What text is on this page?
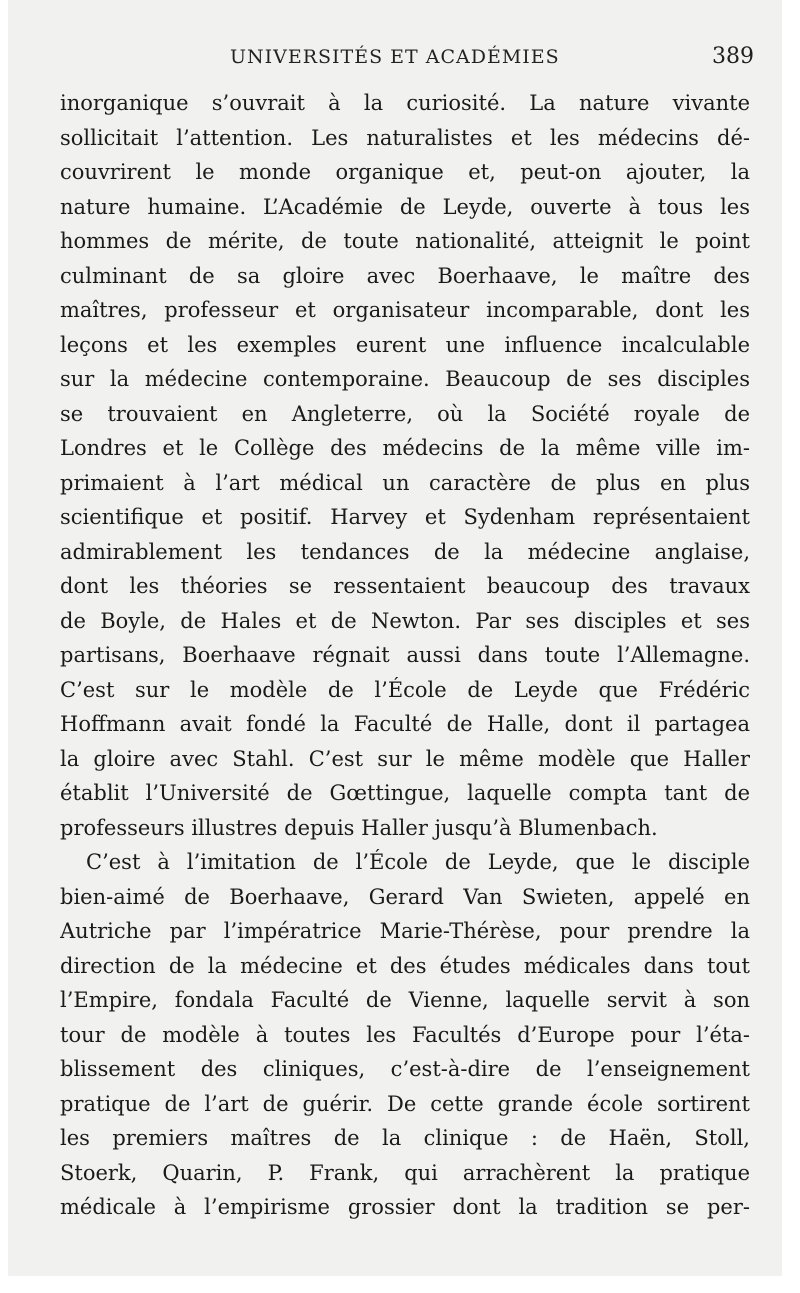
UNIVERSITÉS ET ACADÉMIES	389
inorganique s’ouvrait à la curiosité. La nature vivante
sollicitait l’attention. Les naturalistes et les médecins dé-
couvrirent le monde organique et, peut-on ajouter, la
nature humaine. L’Académie de Leyde, ouverte à tous les
hommes de mérite, de toute nationalité, atteignit le point
culminant de sa gloire avec Boerhaave, le maître des
maîtres, professeur et organisateur incomparable, dont les
leçons et les exemples eurent une influence incalculable
sur la médecine contemporaine. Beaucoup de ses disciples
se trouvaient en Angleterre, où la Société royale de
Londres et le Collège des médecins de la même ville im-
primaient à l’art médical un caractère de plus en plus
scientifique et positif. Harvey et Sydenham représentaient
admirablement les tendances de la médecine anglaise,
dont les théories se ressentaient beaucoup des travaux
de Boyle, de Hales et de Newton. Par ses disciples et ses
partisans, Boerhaave régnait aussi dans toute l’Allemagne.
C’est sur le modèle de l’École de Leyde que Frédéric
Hoffmann avait fondé la Faculté de Halle, dont il partagea
la gloire avec Stahl. C’est sur le même modèle que Haller
établit l’Université de Gœttingue, laquelle compta tant de
professeurs illustres depuis Haller jusqu’à Blumenbach.
C’est à l’imitation de l’École de Leyde, que le disciple
bien-aimé de Boerhaave, Gerard Van Swieten, appelé en
Autriche par l’impératrice Marie-Thérèse, pour prendre la
direction de la médecine et des études médicales dans tout
l’Empire, fondala Faculté de Vienne, laquelle servit à son
tour de modèle à toutes les Facultés d’Europe pour l’éta-
blissement des cliniques, c’est-à-dire de l’enseignement
pratique de l’art de guérir. De cette grande école sortirent
les premiers maîtres de la clinique : de Haën, Stoll,
Stoerk, Quarin, P. Frank, qui arrachèrent la pratique
médicale à l’empirisme grossier dont la tradition se per-
